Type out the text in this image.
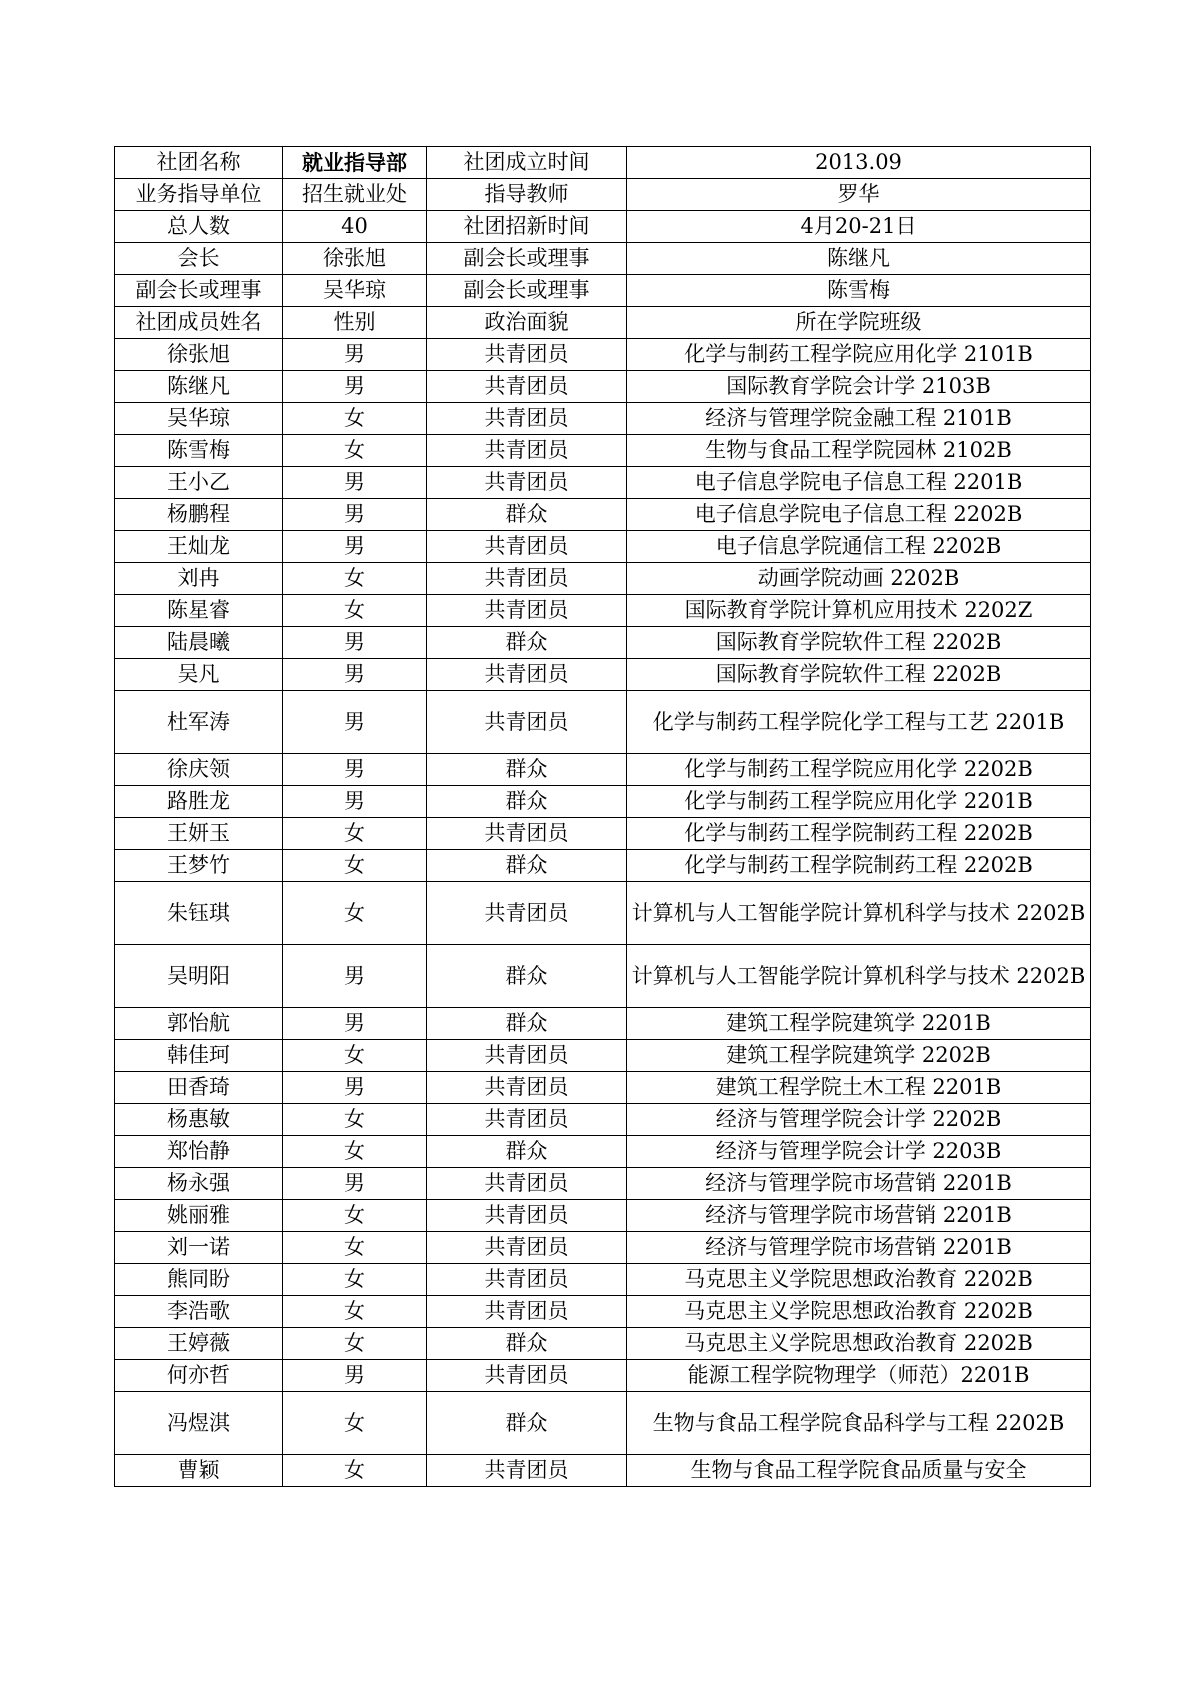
社团名称	就业指导部	社团成立时间	2013.09
业务指导单位	招生就业处	指导教师	罗华
总人数	40	社团招新时间	4月20-21日
会长	徐张旭	副会长或理事	陈继凡
副会长或理事	吴华琼	副会长或理事	陈雪梅
社团成员姓名	性别	政治面貌	所在学院班级
徐张旭	男	共青团员	化学与制药工程学院应用化学 2101B
陈继凡	男	共青团员	国际教育学院会计学 2103B
吴华琼	女	共青团员	经济与管理学院金融工程 2101B
陈雪梅	女	共青团员	生物与食品工程学院园林 2102B
王小乙	男	共青团员	电子信息学院电子信息工程 2201B
杨鹏程	男	群众	电子信息学院电子信息工程 2202B
王灿龙	男	共青团员	电子信息学院通信工程 2202B
刘冉	女	共青团员	动画学院动画 2202B
陈星睿	女	共青团员	国际教育学院计算机应用技术 2202Z
陆晨曦	男	群众	国际教育学院软件工程 2202B
吴凡	男	共青团员	国际教育学院软件工程 2202B
杜军涛	男	共青团员	化学与制药工程学院化学工程与工艺 2201B
徐庆领	男	群众	化学与制药工程学院应用化学 2202B
路胜龙	男	群众	化学与制药工程学院应用化学 2201B
王妍玉	女	共青团员	化学与制药工程学院制药工程 2202B
王梦竹	女	群众	化学与制药工程学院制药工程 2202B
朱钰琪	女	共青团员	计算机与人工智能学院计算机科学与技术 2202B
吴明阳	男	群众	计算机与人工智能学院计算机科学与技术 2202B
郭怡航	男	群众	建筑工程学院建筑学 2201B
韩佳珂	女	共青团员	建筑工程学院建筑学 2202B
田香琦	男	共青团员	建筑工程学院土木工程 2201B
杨惠敏	女	共青团员	经济与管理学院会计学 2202B
郑怡静	女	群众	经济与管理学院会计学 2203B
杨永强	男	共青团员	经济与管理学院市场营销 2201B
姚丽雅	女	共青团员	经济与管理学院市场营销 2201B
刘一诺	女	共青团员	经济与管理学院市场营销 2201B
熊同盼	女	共青团员	马克思主义学院思想政治教育 2202B
李浩歌	女	共青团员	马克思主义学院思想政治教育 2202B
王婷薇	女	群众	马克思主义学院思想政治教育 2202B
何亦哲	男	共青团员	能源工程学院物理学（师范）2201B
冯煜淇	女	群众	生物与食品工程学院食品科学与工程 2202B
曹颖	女	共青团员	生物与食品工程学院食品质量与安全
